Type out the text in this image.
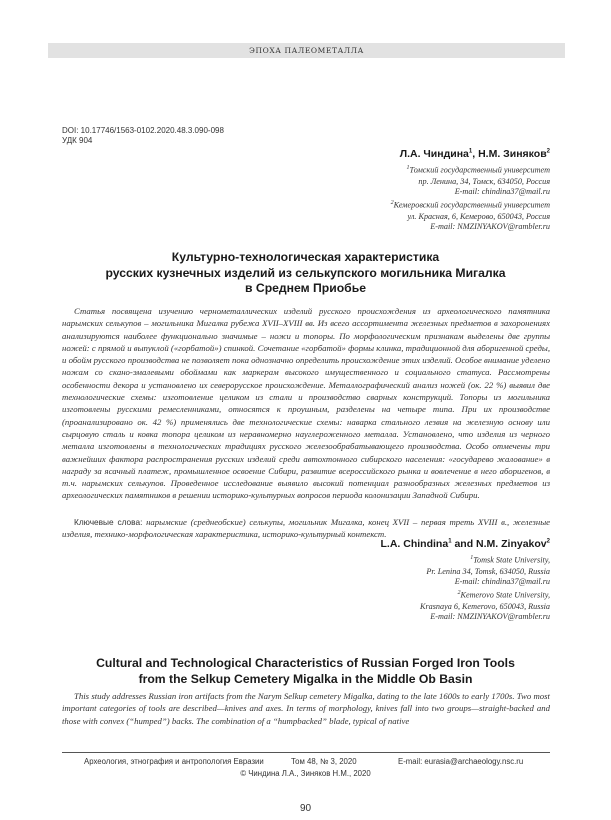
ЭПОХА ПАЛЕОМЕТАЛЛА
DOI: 10.17746/1563-0102.2020.48.3.090-098
УДК 904
Л.А. Чиндина$^1$, Н.М. Зиняков$^2$
$^1$Томский государственный университет
пр. Ленина, 34, Томск, 634050, Россия
E-mail: chindina37@mail.ru
$^2$Кемеровский государственный университет
ул. Красная, 6, Кемерово, 650043, Россия
E-mail: NMZINYAKOV@rambler.ru
Культурно-технологическая характеристика
русских кузнечных изделий из селькупского могильника Мигалка
в Среднем Приобье
Статья посвящена изучению чернометаллических изделий русского происхождения из археологического памятника нарымских селькупов – могильника Мигалка рубежа XVII–XVIII вв. Из всего ассортимента железных предметов в захоронениях анализируются наиболее функционально значимые – ножи и топоры. По морфологическим признакам выделены две группы ножей: с прямой и выпуклой («горбатой») спинкой. Сочетание «горбатой» формы клинка, традиционной для аборигенной среды, и обойм русского производства не позволяет пока однозначно определить происхождение этих изделий. Особое внимание уделено ножам со скано-эмалевыми обоймами как маркерам высокого имущественного и социального статуса. Рассмотрены особенности декора и установлено их северорусское происхождение. Металлографический анализ ножей (ок. 22 %) выявил две технологические схемы: изготовление целиком из стали и производство сварных конструкций. Топоры из могильника изготовлены русскими ремесленниками, относятся к проушным, разделены на четыре типа. При их производстве (проанализировано ок. 42 %) применялись две технологические схемы: наварка стального лезвия на железную основу или сырцовую сталь и ковка топора целиком из неравномерно науглероженного металла. Установлено, что изделия из черного металла изготовлены в технологических традициях русского железообрабатывающего производства. Особо отмечены три важнейших фактора распространения русских изделий среди автохтонного сибирского населения: «государево жалование» в награду за ясачный платеж, промышленное освоение Сибири, развитие всероссийского рынка и вовлечение в него аборигенов, в т.ч. нарымских селькупов. Проведенное исследование выявило высокий потенциал разнообразных железных предметов из археологических памятников в решении историко-культурных вопросов периода колонизации Западной Сибири.
Ключевые слова: нарымские (среднеобские) селькупы, могильник Мигалка, конец XVII – первая треть XVIII в., железные изделия, технико-морфологическая характеристика, историко-культурный контекст.
L.A. Chindina$^1$ and N.M. Zinyakov$^2$
$^1$Tomsk State University,
Pr. Lenina 34, Tomsk, 634050, Russia
E-mail: chindina37@mail.ru
$^2$Kemerovo State University,
Krasnaya 6, Kemerovo, 650043, Russia
E-mail: NMZINYAKOV@rambler.ru
Cultural and Technological Characteristics of Russian Forged Iron Tools
from the Selkup Cemetery Migalka in the Middle Ob Basin
This study addresses Russian iron artifacts from the Narym Selkup cemetery Migalka, dating to the late 1600s to early 1700s. Two most important categories of tools are described—knives and axes. In terms of morphology, knives fall into two groups—straight-backed and those with convex (“humped”) backs. The combination of a “humpbacked” blade, typical of native
Археология, этнография и антропология Евразии	Том 48, № 3, 2020	E-mail: eurasia@archaeology.nsc.ru
© Чиндина Л.А., Зиняков Н.М., 2020
90
